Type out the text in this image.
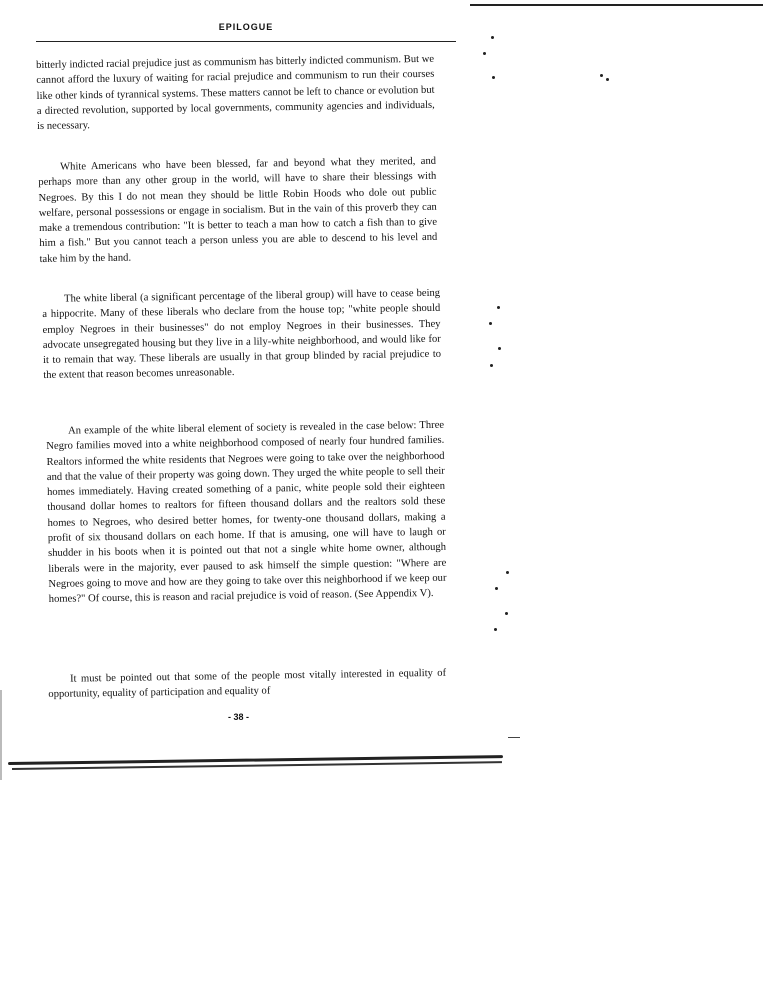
EPILOGUE

bitterly indicted racial prejudice just as communism has bitterly indicted communism. But we cannot afford the luxury of waiting for racial prejudice and communism to run their courses like other kinds of tyrannical systems. These matters cannot be left to chance or evolution but a directed revolution, supported by local governments, community agencies and individuals, is necessary.

White Americans who have been blessed, far and beyond what they merited, and perhaps more than any other group in the world, will have to share their blessings with Negroes. By this I do not mean they should be little Robin Hoods who dole out public welfare, personal possessions or engage in socialism. But in the vain of this proverb they can make a tremendous contribution: "It is better to teach a man how to catch a fish than to give him a fish." But you cannot teach a person unless you are able to descend to his level and take him by the hand.

The white liberal (a significant percentage of the liberal group) will have to cease being a hippocrite. Many of these liberals who declare from the house top; "white people should employ Negroes in their businesses" do not employ Negroes in their businesses. They advocate unsegregated housing but they live in a lily-white neighborhood, and would like for it to remain that way. These liberals are usually in that group blinded by racial prejudice to the extent that reason becomes unreasonable.

An example of the white liberal element of society is revealed in the case below: Three Negro families moved into a white neighborhood composed of nearly four hundred families. Realtors informed the white residents that Negroes were going to take over the neighborhood and that the value of their property was going down. They urged the white people to sell their homes immediately. Having created something of a panic, white people sold their eighteen thousand dollar homes to realtors for fifteen thousand dollars and the realtors sold these homes to Negroes, who desired better homes, for twenty-one thousand dollars, making a profit of six thousand dollars on each home. If that is amusing, one will have to laugh or shudder in his boots when it is pointed out that not a single white home owner, although liberals were in the majority, ever paused to ask himself the simple question: "Where are Negroes going to move and how are they going to take over this neighborhood if we keep our homes?" Of course, this is reason and racial prejudice is void of reason. (See Appendix V).

It must be pointed out that some of the people most vitally interested in equality of opportunity, equality of participation and equality of

- 38 -
